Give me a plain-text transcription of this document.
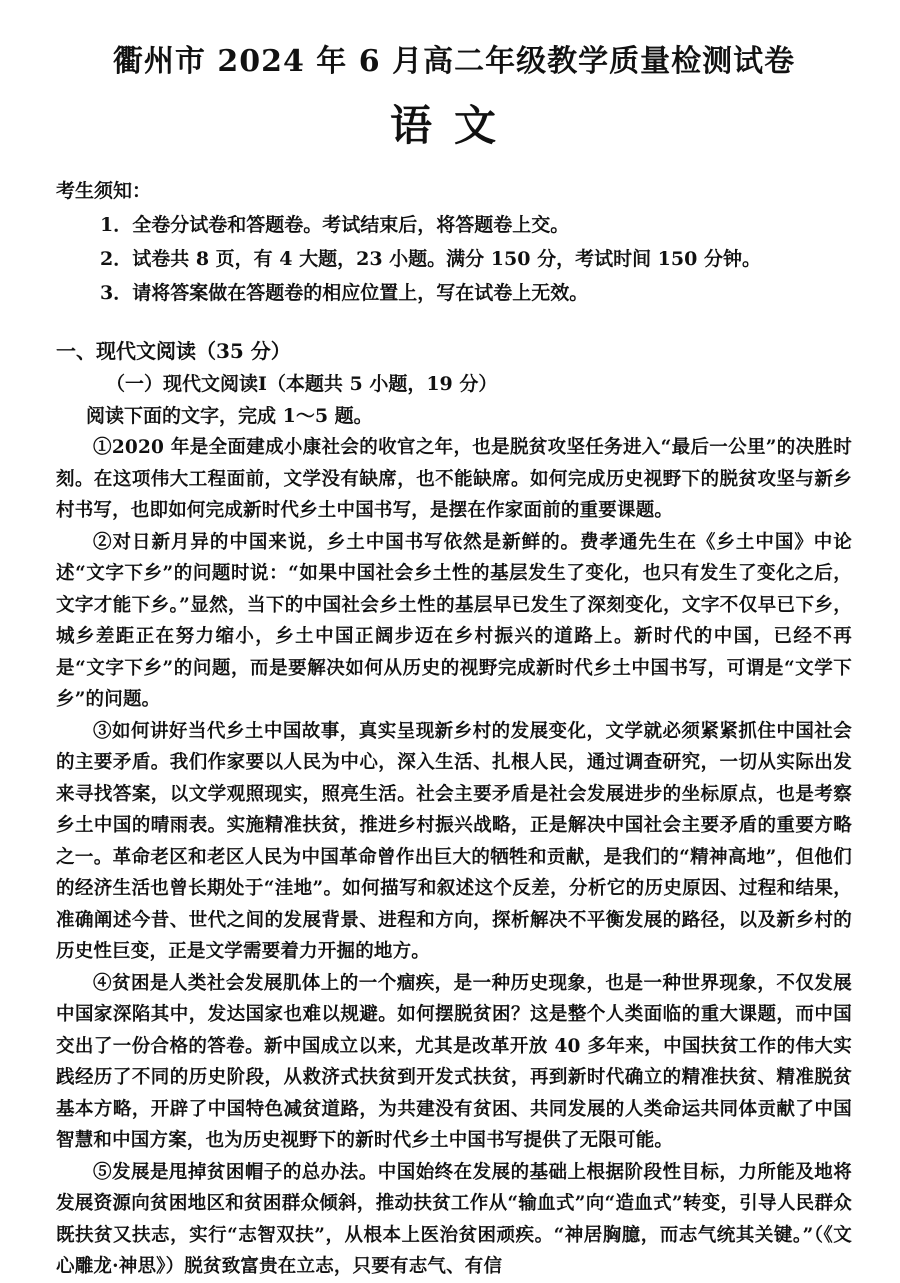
衢州市 2024 年 6 月高二年级教学质量检测试卷
语文
考生须知：
1．全卷分试卷和答题卷。考试结束后，将答题卷上交。
2．试卷共 8 页，有 4 大题，23 小题。满分 150 分，考试时间 150 分钟。
3．请将答案做在答题卷的相应位置上，写在试卷上无效。
一、现代文阅读（35 分）
（一）现代文阅读Ⅰ（本题共 5 小题，19 分）
阅读下面的文字，完成 1～5 题。

①2020 年是全面建成小康社会的收官之年，也是脱贫攻坚任务进入“最后一公里”的决胜时刻。在这项伟大工程面前，文学没有缺席，也不能缺席。如何完成历史视野下的脱贫攻坚与新乡村书写，也即如何完成新时代乡土中国书写，是摆在作家面前的重要课题。

②对日新月异的中国来说，乡土中国书写依然是新鲜的。费孝通先生在《乡土中国》中论述“文字下乡”的问题时说：“如果中国社会乡土性的基层发生了变化，也只有发生了变化之后，文字才能下乡。”显然，当下的中国社会乡土性的基层早已发生了深刻变化，文字不仅早已下乡，城乡差距正在努力缩小，乡土中国正阔步迈在乡村振兴的道路上。新时代的中国，已经不再是“文字下乡”的问题，而是要解决如何从历史的视野完成新时代乡土中国书写，可谓是“文学下乡”的问题。

③如何讲好当代乡土中国故事，真实呈现新乡村的发展变化，文学就必须紧紧抓住中国社会的主要矛盾。我们作家要以人民为中心，深入生活、扎根人民，通过调查研究，一切从实际出发来寻找答案，以文学观照现实，照亮生活。社会主要矛盾是社会发展进步的坐标原点，也是考察乡土中国的晴雨表。实施精准扶贫，推进乡村振兴战略，正是解决中国社会主要矛盾的重要方略之一。革命老区和老区人民为中国革命曾作出巨大的牺牲和贡献，是我们的“精神高地”，但他们的经济生活也曾长期处于“洼地”。如何描写和叙述这个反差，分析它的历史原因、过程和结果，准确阐述今昔、世代之间的发展背景、进程和方向，探析解决不平衡发展的路径，以及新乡村的历史性巨变，正是文学需要着力开掘的地方。

④贫困是人类社会发展肌体上的一个痼疾，是一种历史现象，也是一种世界现象，不仅发展中国家深陷其中，发达国家也难以规避。如何摆脱贫困？这是整个人类面临的重大课题，而中国交出了一份合格的答卷。新中国成立以来，尤其是改革开放 40 多年来，中国扶贫工作的伟大实践经历了不同的历史阶段，从救济式扶贫到开发式扶贫，再到新时代确立的精准扶贫、精准脱贫基本方略，开辟了中国特色减贫道路，为共建没有贫困、共同发展的人类命运共同体贡献了中国智慧和中国方案，也为历史视野下的新时代乡土中国书写提供了无限可能。

⑤发展是甩掉贫困帽子的总办法。中国始终在发展的基础上根据阶段性目标，力所能及地将发展资源向贫困地区和贫困群众倾斜，推动扶贫工作从“输血式”向“造血式”转变，引导人民群众既扶贫又扶志，实行“志智双扶”，从根本上医治贫困顽疾。“神居胸臆，而志气统其关键。”（《文心雕龙·神思》）脱贫致富贵在立志，只要有志气、有信
